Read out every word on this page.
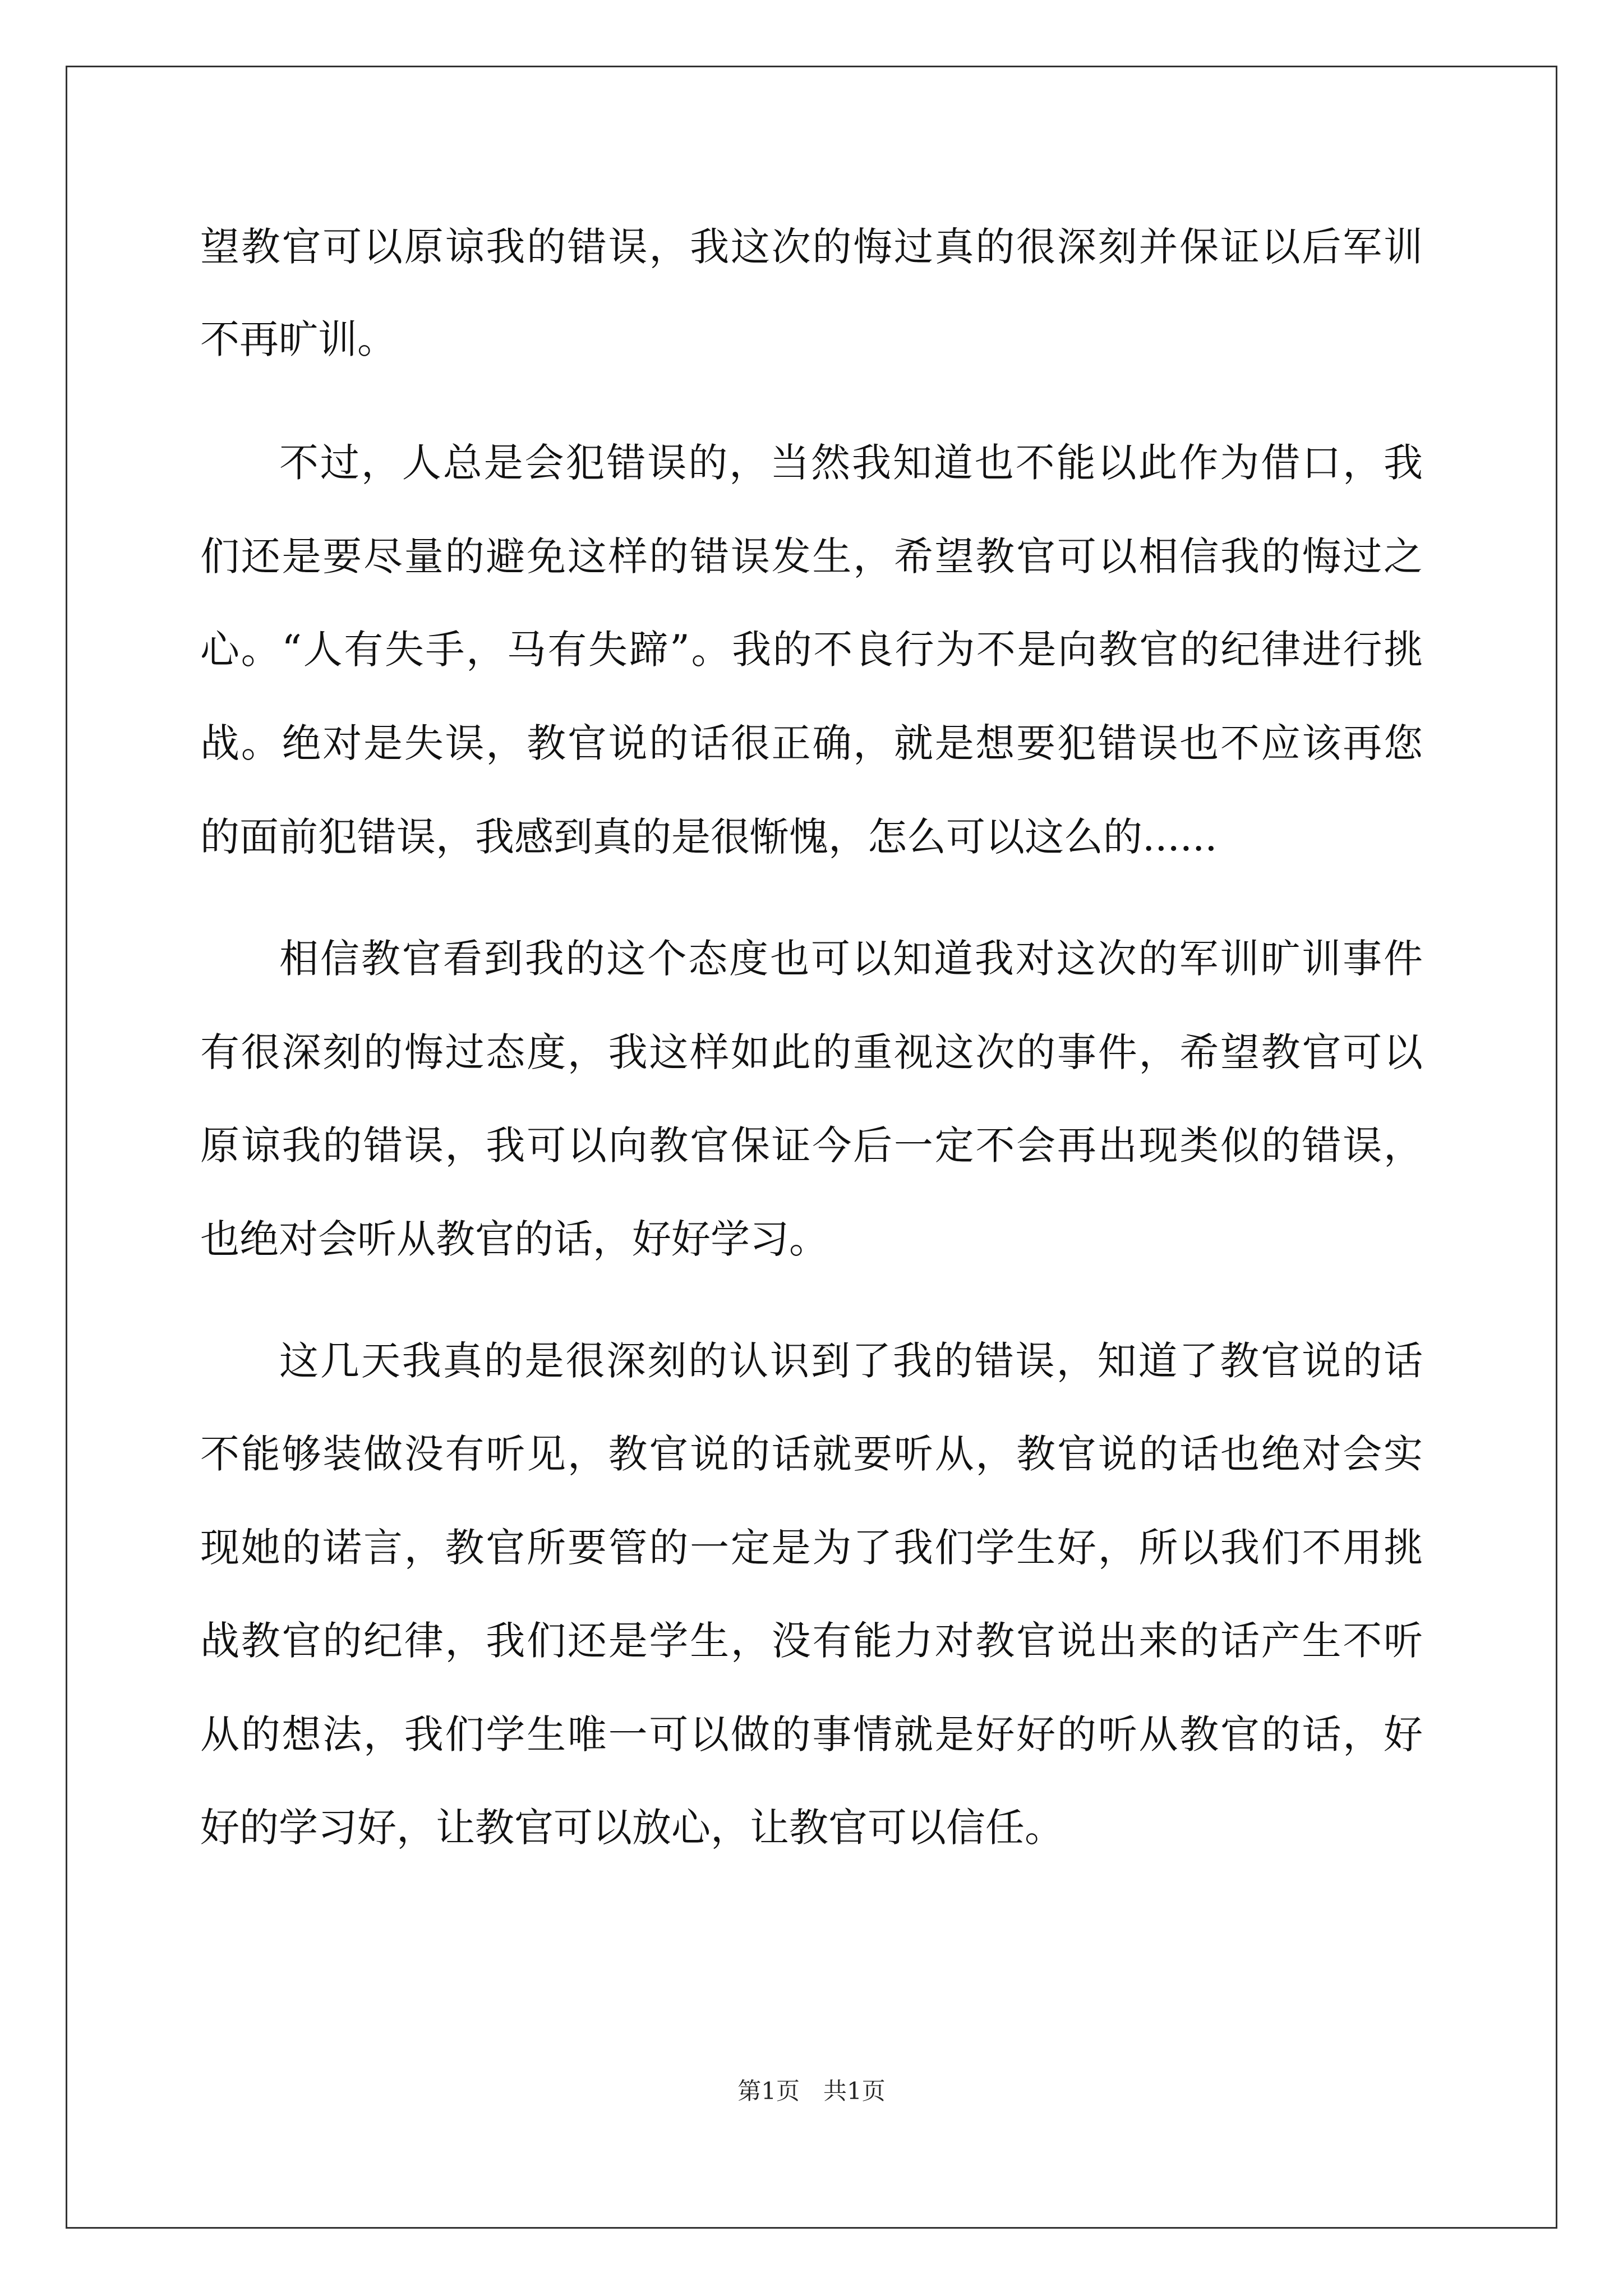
望教官可以原谅我的错误，我这次的悔过真的很深刻并保证以后军训
不再旷训。
不过，人总是会犯错误的，当然我知道也不能以此作为借口，我
们还是要尽量的避免这样的错误发生，希望教官可以相信我的悔过之
心。“人有失手，马有失蹄”。我的不良行为不是向教官的纪律进行挑
战。绝对是失误，教官说的话很正确，就是想要犯错误也不应该再您
的面前犯错误，我感到真的是很惭愧，怎么可以这么的......
相信教官看到我的这个态度也可以知道我对这次的军训旷训事件
有很深刻的悔过态度，我这样如此的重视这次的事件，希望教官可以
原谅我的错误，我可以向教官保证今后一定不会再出现类似的错误，
也绝对会听从教官的话，好好学习。
这几天我真的是很深刻的认识到了我的错误，知道了教官说的话
不能够装做没有听见，教官说的话就要听从，教官说的话也绝对会实
现她的诺言，教官所要管的一定是为了我们学生好，所以我们不用挑
战教官的纪律，我们还是学生，没有能力对教官说出来的话产生不听
从的想法，我们学生唯一可以做的事情就是好好的听从教官的话，好
好的学习好，让教官可以放心，让教官可以信任。
第1页　共1页
